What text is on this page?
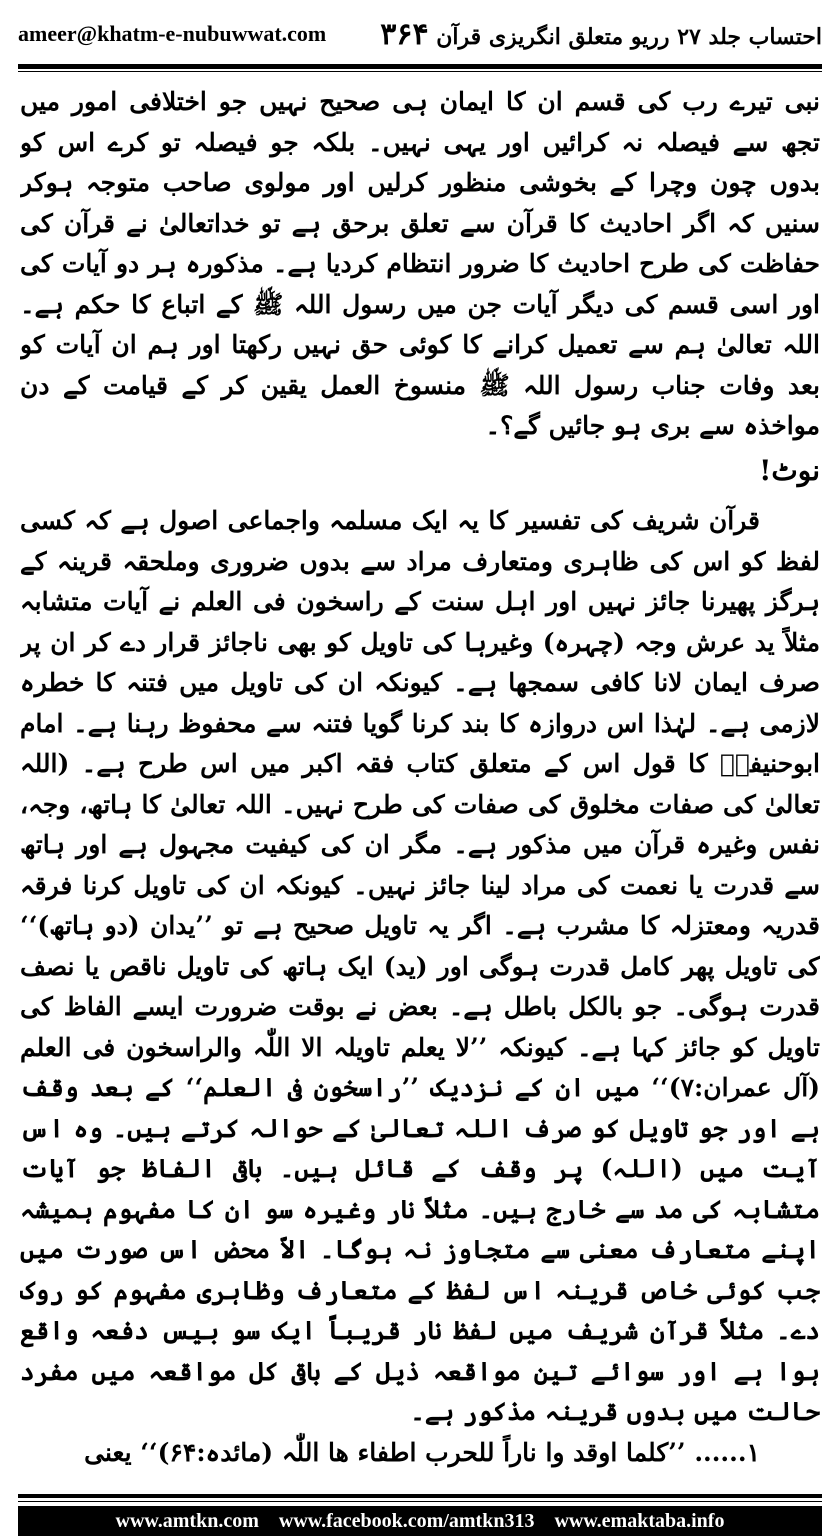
ameer@khatm-e-nubuwwat.com	احتساب جلد ۲۷ رریو متعلق انگریزی قرآن ۳۶۴

نبی تیرے رب کی قسم ان کا ایمان ہی صحیح نہیں جو اختلافی امور میں تجھ سے فیصلہ نہ کرائیں اور یہی نہیں۔ بلکہ جو فیصلہ تو کرے اس کو بدوں چون وچرا کے بخوشی منظور کرلیں اور مولوی صاحب متوجہ ہوکر سنیں کہ اگر احادیث کا قرآن سے تعلق برحق ہے تو خداتعالیٰ نے قرآن کی حفاظت کی طرح احادیث کا ضرور انتظام کردیا ہے۔ مذکورہ ہر دو آیات کی اور اسی قسم کی دیگر آیات جن میں رسول اللہ ﷺ کے اتباع کا حکم ہے۔ اللہ تعالیٰ ہم سے تعمیل کرانے کا کوئی حق نہیں رکھتا اور ہم ان آیات کو بعد وفات جناب رسول اللہ ﷺ منسوخ العمل یقین کر کے قیامت کے دن مواخذہ سے بری ہو جائیں گے؟۔

نوٹ!

قرآن شریف کی تفسیر کا یہ ایک مسلمہ واجماعی اصول ہے کہ کسی لفظ کو اس کی ظاہری ومتعارف مراد سے بدوں ضروری وملحقہ قرینہ کے ہرگز پھیرنا جائز نہیں اور اہل سنت کے راسخون فی العلم نے آیات متشابہ مثلاً ید عرش وجہ (چہرہ) وغیرہا کی تاویل کو بھی ناجائز قرار دے کر ان پر صرف ایمان لانا کافی سمجھا ہے۔ کیونکہ ان کی تاویل میں فتنہ کا خطرہ لازمی ہے۔ لہٰذا اس دروازہ کا بند کرنا گویا فتنہ سے محفوظ رہنا ہے۔ امام ابوحنیفہؒ کا قول اس کے متعلق کتاب فقہ اکبر میں اس طرح ہے۔ (اللہ تعالیٰ کی صفات مخلوق کی صفات کی طرح نہیں۔ اللہ تعالیٰ کا ہاتھ، وجہ، نفس وغیرہ قرآن میں مذکور ہے۔ مگر ان کی کیفیت مجہول ہے اور ہاتھ سے قدرت یا نعمت کی مراد لینا جائز نہیں۔ کیونکہ ان کی تاویل کرنا فرقہ قدریہ ومعتزلہ کا مشرب ہے۔ اگر یہ تاویل صحیح ہے تو ’’یدان (دو ہاتھ)‘‘ کی تاویل پھر کامل قدرت ہوگی اور (ید) ایک ہاتھ کی تاویل ناقص یا نصف قدرت ہوگی۔ جو بالکل باطل ہے۔ بعض نے بوقت ضرورت ایسے الفاظ کی تاویل کو جائز کہا ہے۔ کیونکہ ’’لا یعلم تاویلہ الا اللّٰہ والراسخون فی العلم (آل عمران:۷)‘‘ میں ان کے نزدیک ’’راسخون فی العلم‘‘ کے بعد وقف ہے اور جو تاویل کو صرف اللہ تعالیٰ کے حوالہ کرتے ہیں۔ وہ اس آیت میں (اللہ) پر وقف کے قائل ہیں۔ باقی الفاظ جو آیات متشابہ کی مد سے خارج ہیں۔ مثلاً نار وغیرہ سو ان کا مفہوم ہمیشہ اپنے متعارف معنی سے متجاوز نہ ہوگا۔ الاّ محض اس صورت میں جب کوئی خاص قرینہ اس لفظ کے متعارف وظاہری مفہوم کو روک دے۔ مثلاً قرآن شریف میں لفظ نار قریباً ایک سو بیس دفعہ واقع ہوا ہے اور سوائے تین مواقعہ ذیل کے باقی کل مواقعہ میں مفرد حالت میں بدوں قرینہ مذکور ہے۔

۱...... ’’کلما اوقد وا ناراً للحرب اطفاء ھا اللّٰہ (مائدہ:۶۴)‘‘ یعنی

www.amtkn.com www.facebook.com/amtkn313 www.emaktaba.info
